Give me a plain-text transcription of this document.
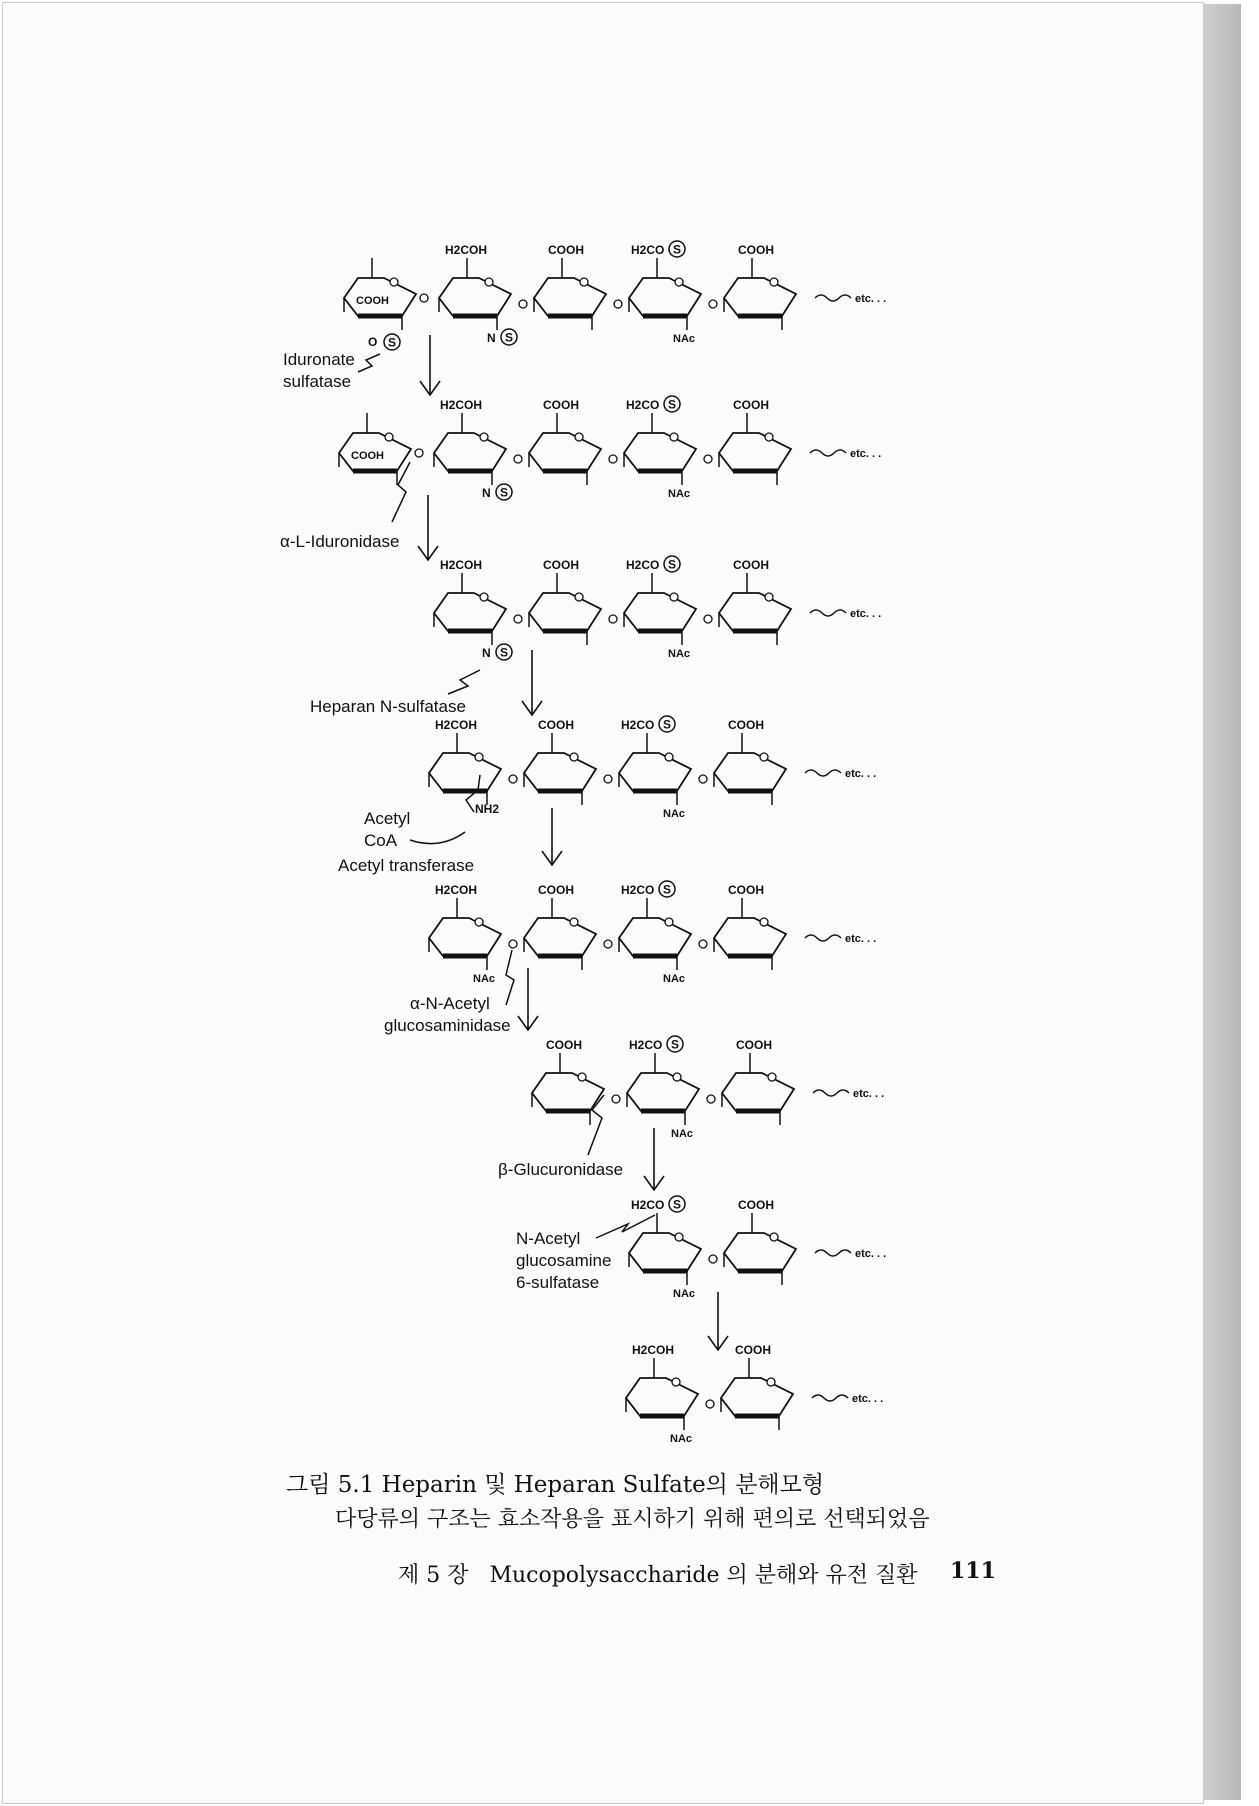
COOH
H2COH
N S
COOH	H2CO S
NAc
COOH
etc. . .
O S
COOH
H2COH
N S
COOH	H2CO S
NAc
COOH
etc. . .
H2COH
N S
COOH	H2CO S
NAc
COOH
etc. . .
H2COH
NH2
COOH	H2CO S
NAc
COOH
etc. . .
H2COH
NAc
COOH	H2CO S
NAc
COOH
etc. . .
COOH	H2CO S
NAc
COOH
etc. . .
H2CO S
NAc
COOH
etc. . .
H2COH
NAc
COOH
etc. . .
Iduronate
sulfatase
α-L-Iduronidase
Heparan N-sulfatase
Acetyl
CoA
Acetyl transferase
α-N-Acetyl
glucosaminidase
β-Glucuronidase
N-Acetyl
glucosamine
6-sulfatase
그림 5.1 Heparin 및 Heparan Sulfate의 분해모형
다당류의 구조는 효소작용을 표시하기 위해 편의로 선택되었음
제 5 장   Mucopolysaccharide 의 분해와 유전 질환 111
